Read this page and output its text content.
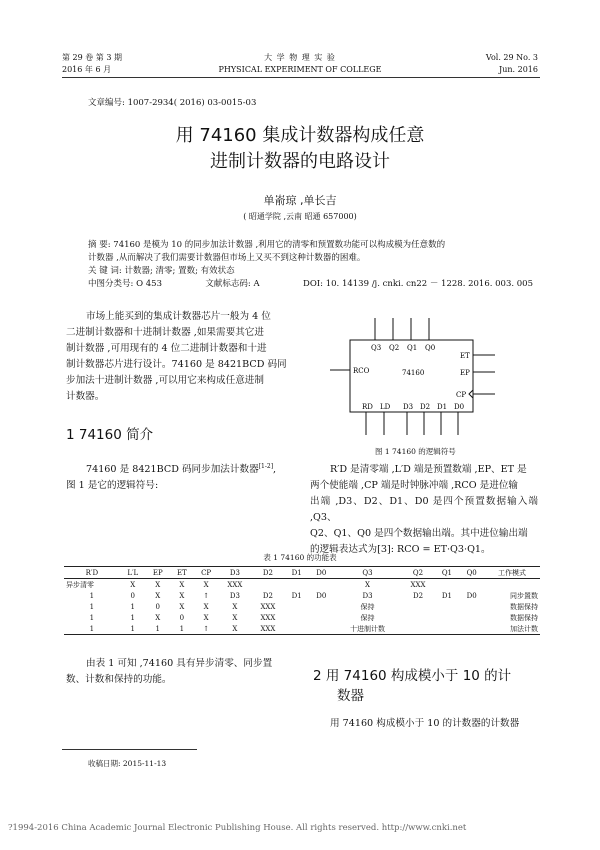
第 29 卷 第 3 期
2016 年 6 月
大 学 物 理 实 验
PHYSICAL EXPERIMENT OF COLLEGE
Vol. 29 No. 3
Jun. 2016
文章编号: 1007-2934( 2016) 03-0015-03
用 74160 集成计数器构成任意
进制计数器的电路设计
单嵛琼 ,单长吉
( 昭通学院 ,云南 昭通 657000)
摘 要: 74160 是模为 10 的同步加法计数器 ,利用它的清零和预置数功能可以构成模为任意数的
计数器 ,从而解决了我们需要计数器但市场上又买不到这种计数器的困难。
关 键 词: 计数器; 清零; 置数; 有效状态
中图分类号: O 453	文献标志码: A	DOI: 10. 14139 /j. cnki. cn22 － 1228. 2016. 003. 005
市场上能买到的集成计数器芯片一般为 4 位
二进制计数器和十进制计数器 ,如果需要其它进
制计数器 ,可用现有的 4 位二进制计数器和十进
制计数器芯片进行设计。74160 是 8421BCD 码同
步加法十进制计数器 ,可以用它来构成任意进制
计数器。
1 74160 简介
74160 是 8421BCD 码同步加法计数器[1-2],
图 1 是它的逻辑符号:
Q3 Q2 Q1 Q0
RCO	74160
ET
EP
CP
RD LD D3 D2 D1 D0
图 1 74160 的逻辑符号
R′D 是清零端 ,L′D 端是预置数端 ,EP、ET 是
两个使能端 ,CP 端是时钟脉冲端 ,RCO 是进位输
出端 ,D3、D2、D1、D0 是四个预置数据输入端 ,Q3、
Q2、Q1、Q0 是四个数据输出端。其中进位输出端
的逻辑表达式为[3]: RCO = ET·Q3·Q1。
表 1 74160 的功能表
R′D	L′L	EP	ET	CP	D3	D2	D1	D0	Q3	Q2	Q1	Q0	工作模式
异步清零	X	X	X	X	XXX				X	XXX			
1	0	X	X	↑	D3	D2	D1	D0	D3	D2	D1	D0	同步置数
1	1	0	X	X	X	XXX			保持				数据保持
1	1	X	0	X	X	XXX			保持				数据保持
1	1	1	1	↑	X	XXX			十进制计数				加法计数
由表 1 可知 ,74160 具有异步清零、同步置
数、计数和保持的功能。	2 用 74160 构成模小于 10 的计
数器
用 74160 构成模小于 10 的计数器的计数器
收稿日期: 2015-11-13
?1994-2016 China Academic Journal Electronic Publishing House. All rights reserved. http://www.cnki.net
